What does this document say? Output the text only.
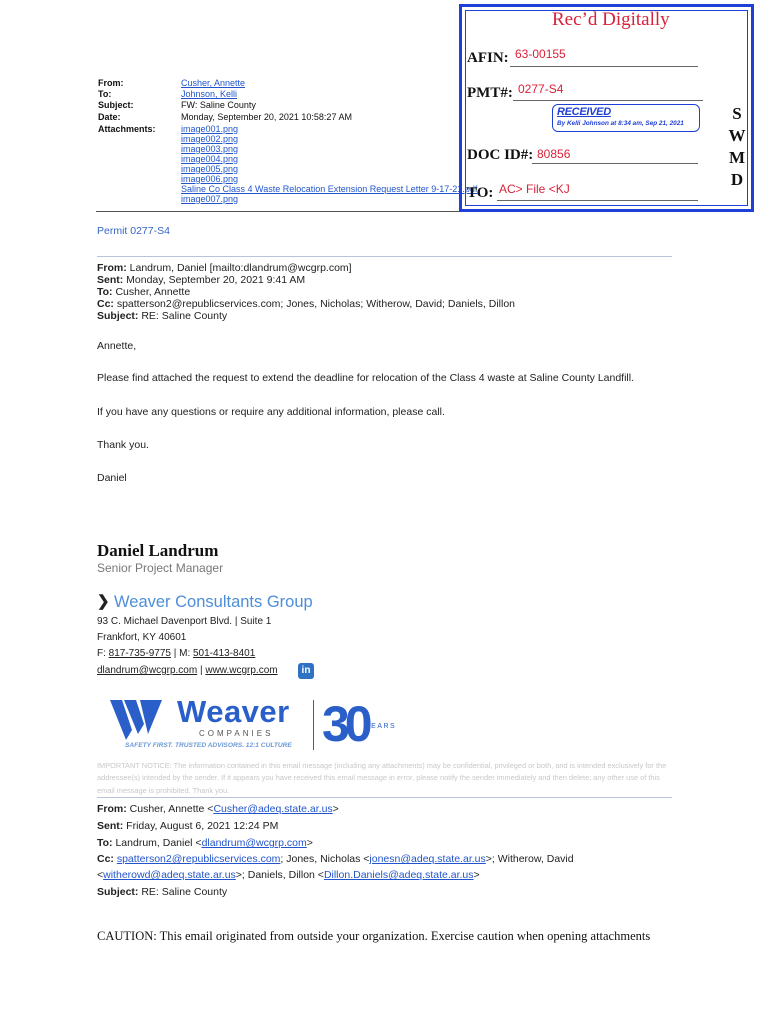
From:	Cusher, Annette
To:	Johnson, Kelli
Subject:	FW: Saline County
Date:	Monday, September 20, 2021 10:58:27 AM
Attachments:	image001.png
image002.png
image003.png
image004.png
image005.png
image006.png
Saline Co Class 4 Waste Relocation Extension Request Letter 9-17-21.pdf
image007.png
Rec’d Digitally
AFIN: 63-00155
PMT#: 0277-S4
RECEIVED
By Kelli Johnson at 8:34 am, Sep 21, 2021
DOC ID#: 80856
TO: AC> File <KJ
S
W
M
D
Permit 0277-S4
From: Landrum, Daniel [mailto:dlandrum@wcgrp.com]
Sent: Monday, September 20, 2021 9:41 AM
To: Cusher, Annette
Cc: spatterson2@republicservices.com; Jones, Nicholas; Witherow, David; Daniels, Dillon
Subject: RE: Saline County
Annette,
Please find attached the request to extend the deadline for relocation of the Class 4 waste at Saline County Landfill.
If you have any questions or require any additional information, please call.
Thank you.
Daniel
Daniel Landrum
Senior Project Manager
❯ Weaver Consultants Group
93 C. Michael Davenport Blvd. | Suite 1
Frankfort, KY 40601
F: 817-735-9775 | M: 501-413-8401
dlandrum@wcgrp.com | www.wcgrp.com	in
Weaver
COMPANIES
SAFETY FIRST. TRUSTED ADVISORS. 12:1 CULTURE 30
YEARS
IMPORTANT NOTICE: The information contained in this email message (including any attachments) may be confidential, privileged or both, and is intended exclusively for the addressee(s) intended by the sender. If it appears you have received this email message in error, please notify the sender immediately and then delete; any other use of this email message is prohibited. Thank you.
From: Cusher, Annette <Cusher@adeq.state.ar.us>
Sent: Friday, August 6, 2021 12:24 PM
To: Landrum, Daniel <dlandrum@wcgrp.com>
Cc: spatterson2@republicservices.com; Jones, Nicholas <jonesn@adeq.state.ar.us>; Witherow, David
<witherowd@adeq.state.ar.us>; Daniels, Dillon <Dillon.Daniels@adeq.state.ar.us>
Subject: RE: Saline County
CAUTION: This email originated from outside your organization. Exercise caution when opening attachments
